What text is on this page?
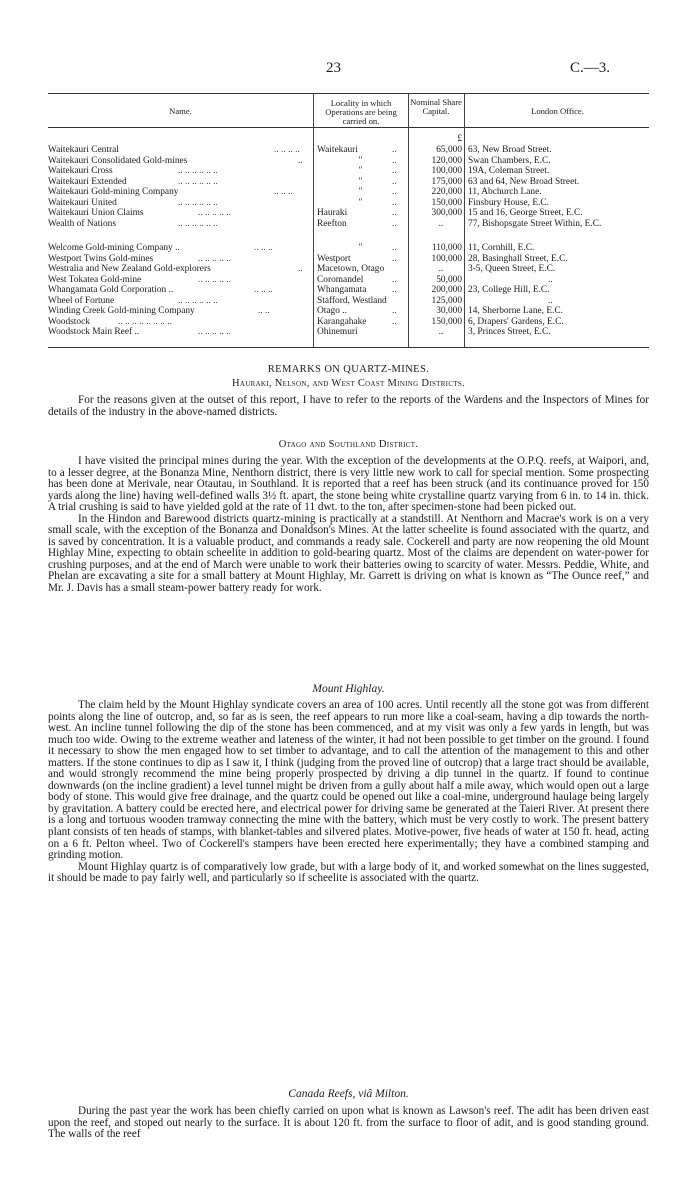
23	C.—3.
Name.
Locality in which Operations are being carried on.
Nominal Share Capital.	London Office.
£
Waitekauri Central	.. .. .. .. Waitekauri	..	65,000 63, New Broad Street.
Waitekauri Consolidated Gold-mines	..	"	..	120,000 Swan Chambers, E.C.
Waitekauri Cross	.. .. .. .. .. ..	"	..	100,000 19A, Coleman Street.
Waitekauri Extended	.. .. .. .. .. ..	"	..	175,000 63 and 64, New Broad Street.
Waitekauri Gold-mining Company	.. .. ..	"	..	220,000 11, Abchurch Lane.
Waitekauri United	.. .. .. .. .. ..	"	..	150,000 Finsbury House, E.C.
Waitekauri Union Claims	.. .. .. .. ..	Hauraki	..	300,000 15 and 16, George Street, E.C.
Wealth of Nations	.. .. .. .. .. ..	Reefton	..	..	77, Bishopsgate Street Within, E.C.
Welcome Gold-mining Company ..	.. .. ..	"	..	110,000 11, Cornhill, E.C.
Westport Twins Gold-mines	.. .. .. .. ..	Westport	..	100,000 28, Basinghall Street, E.C.
Westralia and New Zealand Gold-explorers	.. Macetown, Otago	..	3-5, Queen Street, E.C.
West Tokatea Gold-mine	.. .. .. .. ..	Coromandel	..	50,000	..
Whangamata Gold Corporation ..	.. .. ..	Whangamata	..	200,000 23, College Hill, E.C.
Wheel of Fortune	.. .. .. .. .. ..	Stafford, Westland	125,000	..
Winding Creek Gold-mining Company	.. ..	Otago ..	..	30,000 14, Sherborne Lane, E.C.
Woodstock	.. .. .. .. .. .. .. ..	Karangahake	..	150,000 6, Drapers' Gardens, E.C.
Woodstock Main Reef ..	.. .. .. .. ..	Ohinemuri	..	3, Princes Street, E.C.
REMARKS ON QUARTZ-MINES.
Hauraki, Nelson, and West Coast Mining Districts.

For the reasons given at the outset of this report, I have to refer to the reports of the Wardens and the Inspectors of Mines for details of the industry in the above-named districts.

Otago and Southland District.

I have visited the principal mines during the year. With the exception of the developments at the O.P.Q. reefs, at Waipori, and, to a lesser degree, at the Bonanza Mine, Nenthorn district, there is very little new work to call for special mention. Some prospecting has been done at Merivale, near Otautau, in Southland. It is reported that a reef has been struck (and its continuance proved for 150 yards along the line) having well-defined walls 3½ ft. apart, the stone being white crystalline quartz varying from 6 in. to 14 in. thick. A trial crushing is said to have yielded gold at the rate of 11 dwt. to the ton, after specimen-stone had been picked out.

In the Hindon and Barewood districts quartz-mining is practically at a standstill. At Nenthorn and Macrae's work is on a very small scale, with the exception of the Bonanza and Donaldson's Mines. At the latter scheelite is found associated with the quartz, and is saved by concentration. It is a valuable product, and commands a ready sale. Cockerell and party are now reopening the old Mount Highlay Mine, expecting to obtain scheelite in addition to gold-bearing quartz. Most of the claims are dependent on water-power for crushing purposes, and at the end of March were unable to work their batteries owing to scarcity of water. Messrs. Peddie, White, and Phelan are excavating a site for a small battery at Mount Highlay, Mr. Garrett is driving on what is known as “The Ounce reef,” and Mr. J. Davis has a small steam-power battery ready for work.

Mount Highlay.

The claim held by the Mount Highlay syndicate covers an area of 100 acres. Until recently all the stone got was from different points along the line of outcrop, and, so far as is seen, the reef appears to run more like a coal-seam, having a dip towards the north-west. An incline tunnel following the dip of the stone has been commenced, and at my visit was only a few yards in length, but was much too wide. Owing to the extreme weather and lateness of the winter, it had not been possible to get timber on the ground. I found it necessary to show the men engaged how to set timber to advantage, and to call the attention of the management to this and other matters. If the stone continues to dip as I saw it, I think (judging from the proved line of outcrop) that a large tract should be available, and would strongly recommend the mine being properly prospected by driving a dip tunnel in the quartz. If found to continue downwards (on the incline gradient) a level tunnel might be driven from a gully about half a mile away, which would open out a large body of stone. This would give free drainage, and the quartz could be opened out like a coal-mine, underground haulage being largely by gravitation. A battery could be erected here, and electrical power for driving same be generated at the Taieri River. At present there is a long and tortuous wooden tramway connecting the mine with the battery, which must be very costly to work. The present battery plant consists of ten heads of stamps, with blanket-tables and silvered plates. Motive-power, five heads of water at 150 ft. head, acting on a 6 ft. Pelton wheel. Two of Cockerell's stampers have been erected here experimentally; they have a combined stamping and grinding motion.

Mount Highlay quartz is of comparatively low grade, but with a large body of it, and worked somewhat on the lines suggested, it should be made to pay fairly well, and particularly so if scheelite is associated with the quartz.

Canada Reefs, viâ Milton.

During the past year the work has been chiefly carried on upon what is known as Lawson's reef. The adit has been driven east upon the reef, and stoped out nearly to the surface. It is about 120 ft. from the surface to floor of adit, and is good standing ground. The walls of the reef
